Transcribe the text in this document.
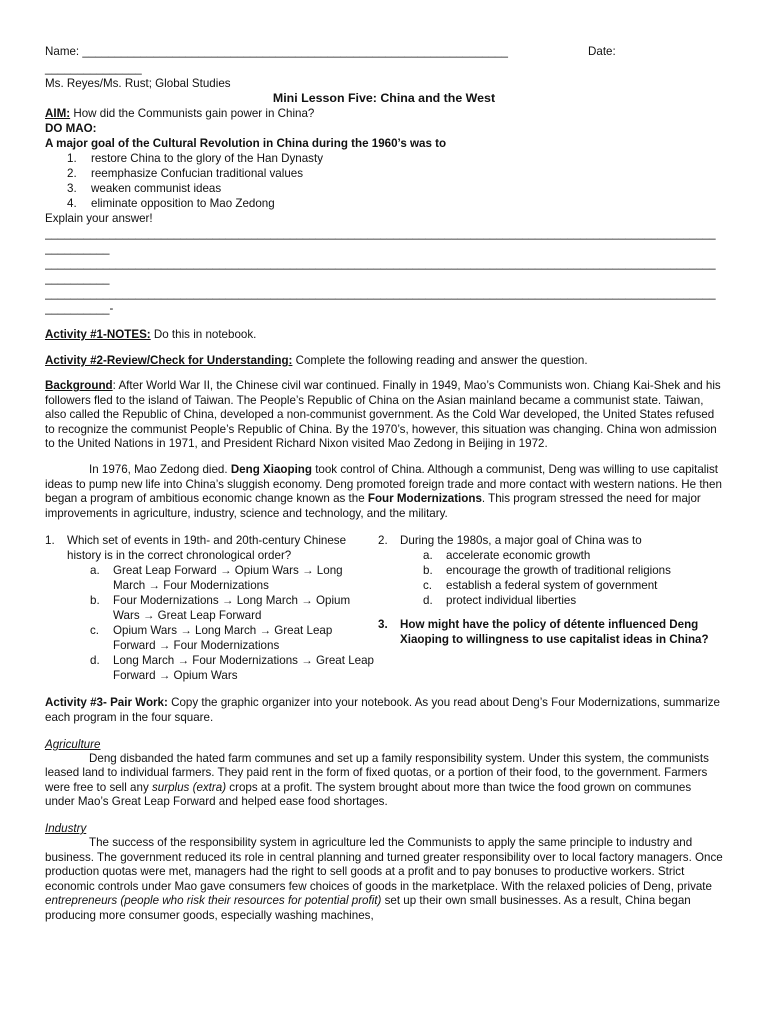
Name: __________________________________________________________________	Date:
_______________
Ms. Reyes/Ms. Rust; Global Studies
Mini Lesson Five: China and the West
AIM: How did the Communists gain power in China?
DO MAO:
A major goal of the Cultural Revolution in China during the 1960’s was to
1. restore China to the glory of the Han Dynasty
2. reemphasize Confucian traditional values
3. weaken communist ideas
4. eliminate opposition to Mao Zedong
Explain your answer!
________________________________________________________________________________________________________
__________
________________________________________________________________________________________________________
__________
________________________________________________________________________________________________________
__________-
Activity #1-NOTES: Do this in notebook.
Activity #2-Review/Check for Understanding: Complete the following reading and answer the question.
Background: After World War II, the Chinese civil war continued. Finally in 1949, Mao’s Communists won. Chiang Kai-Shek and his followers fled to the island of Taiwan. The People’s Republic of China on the Asian mainland became a communist state. Taiwan, also called the Republic of China, developed a non-communist government. As the Cold War developed, the United States refused to recognize the communist People’s Republic of China. By the 1970’s, however, this situation was changing. China won admission to the United Nations in 1971, and President Richard Nixon visited Mao Zedong in Beijing in 1972.
In 1976, Mao Zedong died. Deng Xiaoping took control of China. Although a communist, Deng was willing to use capitalist ideas to pump new life into China’s sluggish economy. Deng promoted foreign trade and more contact with western nations. He then began a program of ambitious economic change known as the Four Modernizations. This program stressed the need for major improvements in agriculture, industry, science and technology, and the military.
1. Which set of events in 19th- and 20th-century Chinese history is in the correct chronological order?
a. Great Leap Forward → Opium Wars → Long March → Four Modernizations
b. Four Modernizations → Long March → Opium Wars → Great Leap Forward
c. Opium Wars → Long March → Great Leap Forward → Four Modernizations
d. Long March → Four Modernizations → Great Leap Forward → Opium Wars
2. During the 1980s, a major goal of China was to
a. accelerate economic growth
b. encourage the growth of traditional religions
c. establish a federal system of government
d. protect individual liberties
3. How might have the policy of détente influenced Deng Xiaoping to willingness to use capitalist ideas in China?
Activity #3- Pair Work: Copy the graphic organizer into your notebook. As you read about Deng’s Four Modernizations, summarize each program in the four square.
Agriculture
Deng disbanded the hated farm communes and set up a family responsibility system. Under this system, the communists leased land to individual farmers. They paid rent in the form of fixed quotas, or a portion of their food, to the government. Farmers were free to sell any surplus (extra) crops at a profit. The system brought about more than twice the food grown on communes under Mao’s Great Leap Forward and helped ease food shortages.
Industry
The success of the responsibility system in agriculture led the Communists to apply the same principle to industry and business. The government reduced its role in central planning and turned greater responsibility over to local factory managers. Once production quotas were met, managers had the right to sell goods at a profit and to pay bonuses to productive workers. Strict economic controls under Mao gave consumers few choices of goods in the marketplace. With the relaxed policies of Deng, private entrepreneurs (people who risk their resources for potential profit) set up their own small businesses. As a result, China began producing more consumer goods, especially washing machines,
